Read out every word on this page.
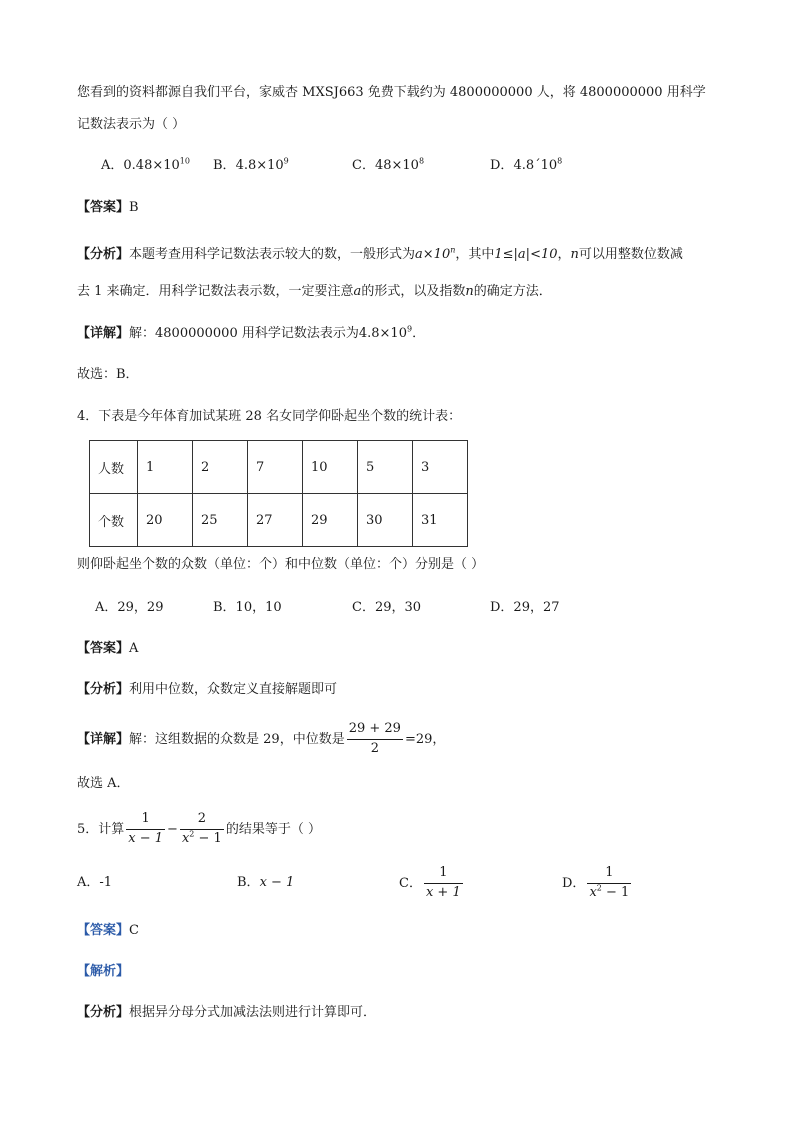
您看到的资料都源自我们平台，家威杏 MXSJ663 免费下载约为 4800000000 人，将 4800000000 用科学
记数法表示为（ ）
A．$0.48\times 10^{10}$ B．$4.8\times 10^9$	C．$48\times 10^8$	D．$4.8´10^8$
【答案】B
【分析】本题考查用科学记数法表示较大的数，一般形式为$a\times 10^n$，其中1≤|a|<10，n可以用整数位数减
去 1 来确定．用科学记数法表示数，一定要注意a的形式，以及指数n的确定方法．
【详解】解：4800000000 用科学记数法表示为$4.8\times 10^9$．
故选：B．
4．下表是今年体育加试某班 28 名女同学仰卧起坐个数的统计表：
人数	1	2	7	10	5	3
个数	20	25	27	29	30	31
则仰卧起坐个数的众数（单位：个）和中位数（单位：个）分别是（ ）
A．29，29	B．10，10	C．29，30	D．29，27
【答案】A
【分析】利用中位数，众数定义直接解题即可
【详解】解：这组数据的众数是 29，中位数是 $\frac{29 + 29}{2} =29$，
故选 A．
5．计算 $\frac{1}{x - 1} - \frac{2}{x^2 - 1}$ 的结果等于（ ）
A．-1	B．x − 1	C． $\frac{1}{x + 1}$	D． $\frac{1}{x^2 - 1}$
【答案】C
【解析】
【分析】根据异分母分式加减法法则进行计算即可．
